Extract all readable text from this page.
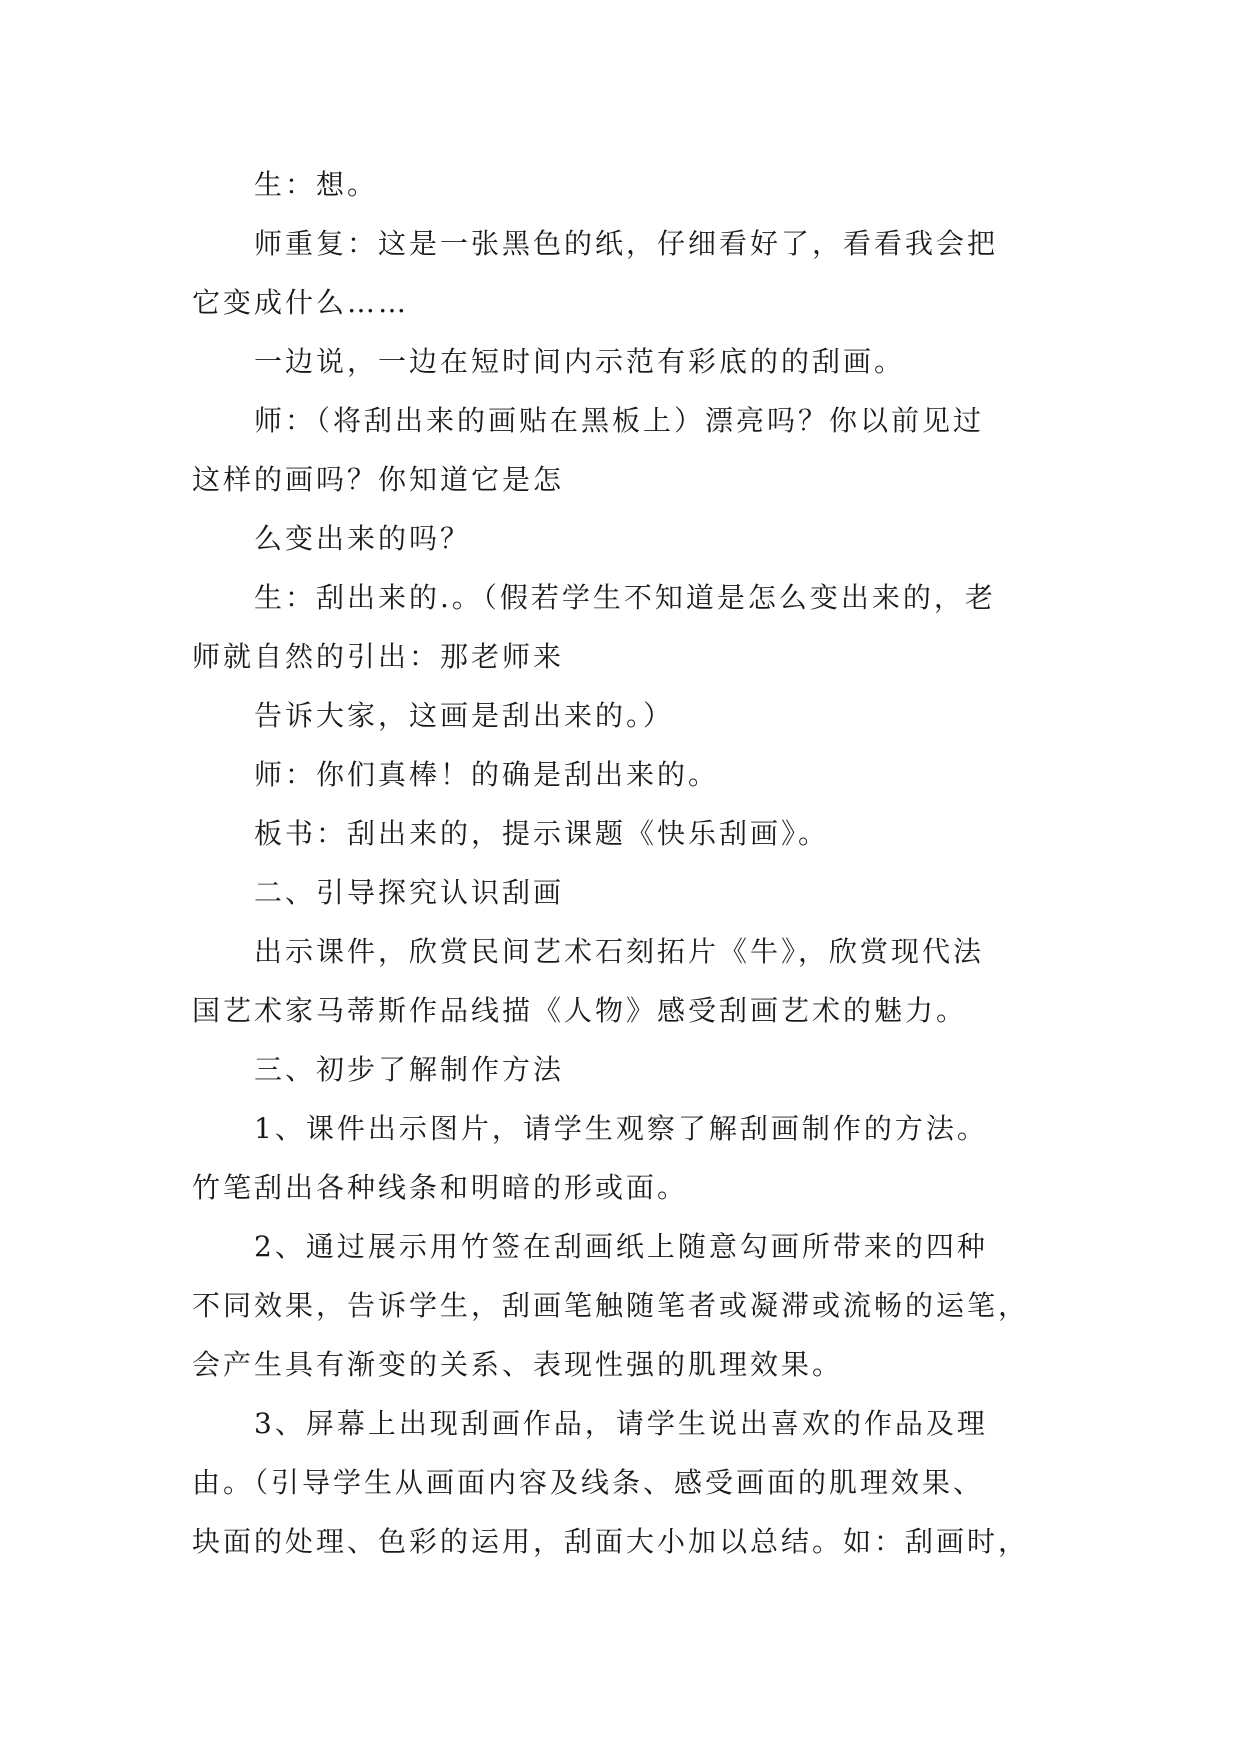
生：想。
师重复：这是一张黑色的纸，仔细看好了，看看我会把
它变成什么……
一边说，一边在短时间内示范有彩底的的刮画。
师：（将刮出来的画贴在黑板上）漂亮吗？你以前见过
这样的画吗？你知道它是怎
么变出来的吗？
生：刮出来的.。（假若学生不知道是怎么变出来的，老
师就自然的引出：那老师来
告诉大家，这画是刮出来的。）
师：你们真棒！的确是刮出来的。
板书：刮出来的，提示课题《快乐刮画》。
二、引导探究认识刮画
出示课件，欣赏民间艺术石刻拓片《牛》，欣赏现代法
国艺术家马蒂斯作品线描《人物》感受刮画艺术的魅力。
三、初步了解制作方法
1、课件出示图片，请学生观察了解刮画制作的方法。
竹笔刮出各种线条和明暗的形或面。
2、通过展示用竹签在刮画纸上随意勾画所带来的四种
不同效果，告诉学生，刮画笔触随笔者或凝滞或流畅的运笔，
会产生具有渐变的关系、表现性强的肌理效果。
3、屏幕上出现刮画作品，请学生说出喜欢的作品及理
由。（引导学生从画面内容及线条、感受画面的肌理效果、
块面的处理、色彩的运用，刮面大小加以总结。如：刮画时，
